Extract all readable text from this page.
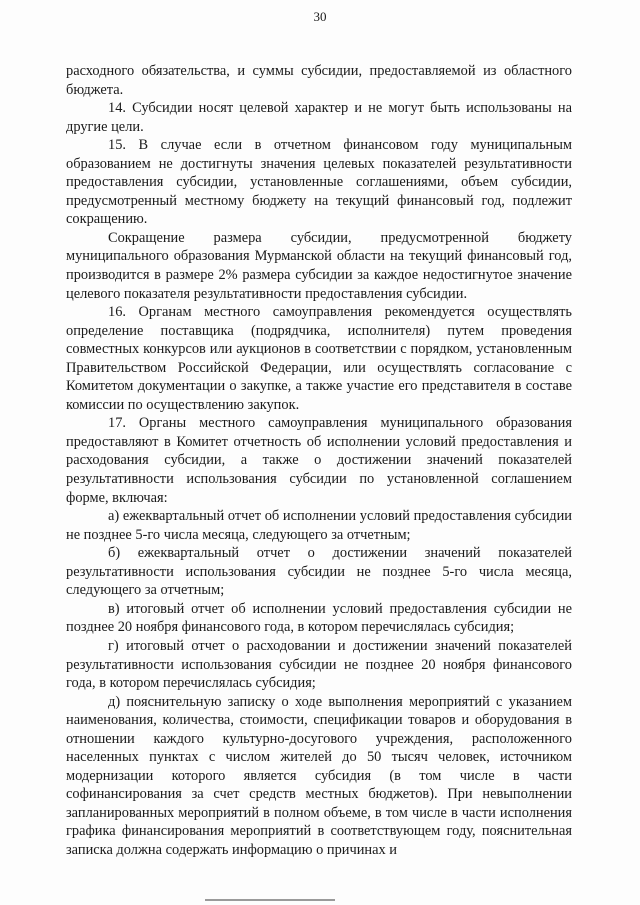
30

расходного обязательства, и суммы субсидии, предоставляемой из областного бюджета.

14. Субсидии носят целевой характер и не могут быть использованы на другие цели.

15. В случае если в отчетном финансовом году муниципальным образованием не достигнуты значения целевых показателей результативности предоставления субсидии, установленные соглашениями, объем субсидии, предусмотренный местному бюджету на текущий финансовый год, подлежит сокращению.

Сокращение размера субсидии, предусмотренной бюджету муниципального образования Мурманской области на текущий финансовый год, производится в размере 2% размера субсидии за каждое недостигнутое значение целевого показателя результативности предоставления субсидии.

16. Органам местного самоуправления рекомендуется осуществлять определение поставщика (подрядчика, исполнителя) путем проведения совместных конкурсов или аукционов в соответствии с порядком, установленным Правительством Российской Федерации, или осуществлять согласование с Комитетом документации о закупке, а также участие его представителя в составе комиссии по осуществлению закупок.

17. Органы местного самоуправления муниципального образования предоставляют в Комитет отчетность об исполнении условий предоставления и расходования субсидии, а также о достижении значений показателей результативности использования субсидии по установленной соглашением форме, включая:

а) ежеквартальный отчет об исполнении условий предоставления субсидии не позднее 5-го числа месяца, следующего за отчетным;

б) ежеквартальный отчет о достижении значений показателей результативности использования субсидии не позднее 5-го числа месяца, следующего за отчетным;

в) итоговый отчет об исполнении условий предоставления субсидии не позднее 20 ноября финансового года, в котором перечислялась субсидия;

г) итоговый отчет о расходовании и достижении значений показателей результативности использования субсидии не позднее 20 ноября финансового года, в котором перечислялась субсидия;

д) пояснительную записку о ходе выполнения мероприятий с указанием наименования, количества, стоимости, спецификации товаров и оборудования в отношении каждого культурно-досугового учреждения, расположенного населенных пунктах с числом жителей до 50 тысяч человек, источником модернизации которого является субсидия (в том числе в части софинансирования за счет средств местных бюджетов). При невыполнении запланированных мероприятий в полном объеме, в том числе в части исполнения графика финансирования мероприятий в соответствующем году, пояснительная записка должна содержать информацию о причинах и
